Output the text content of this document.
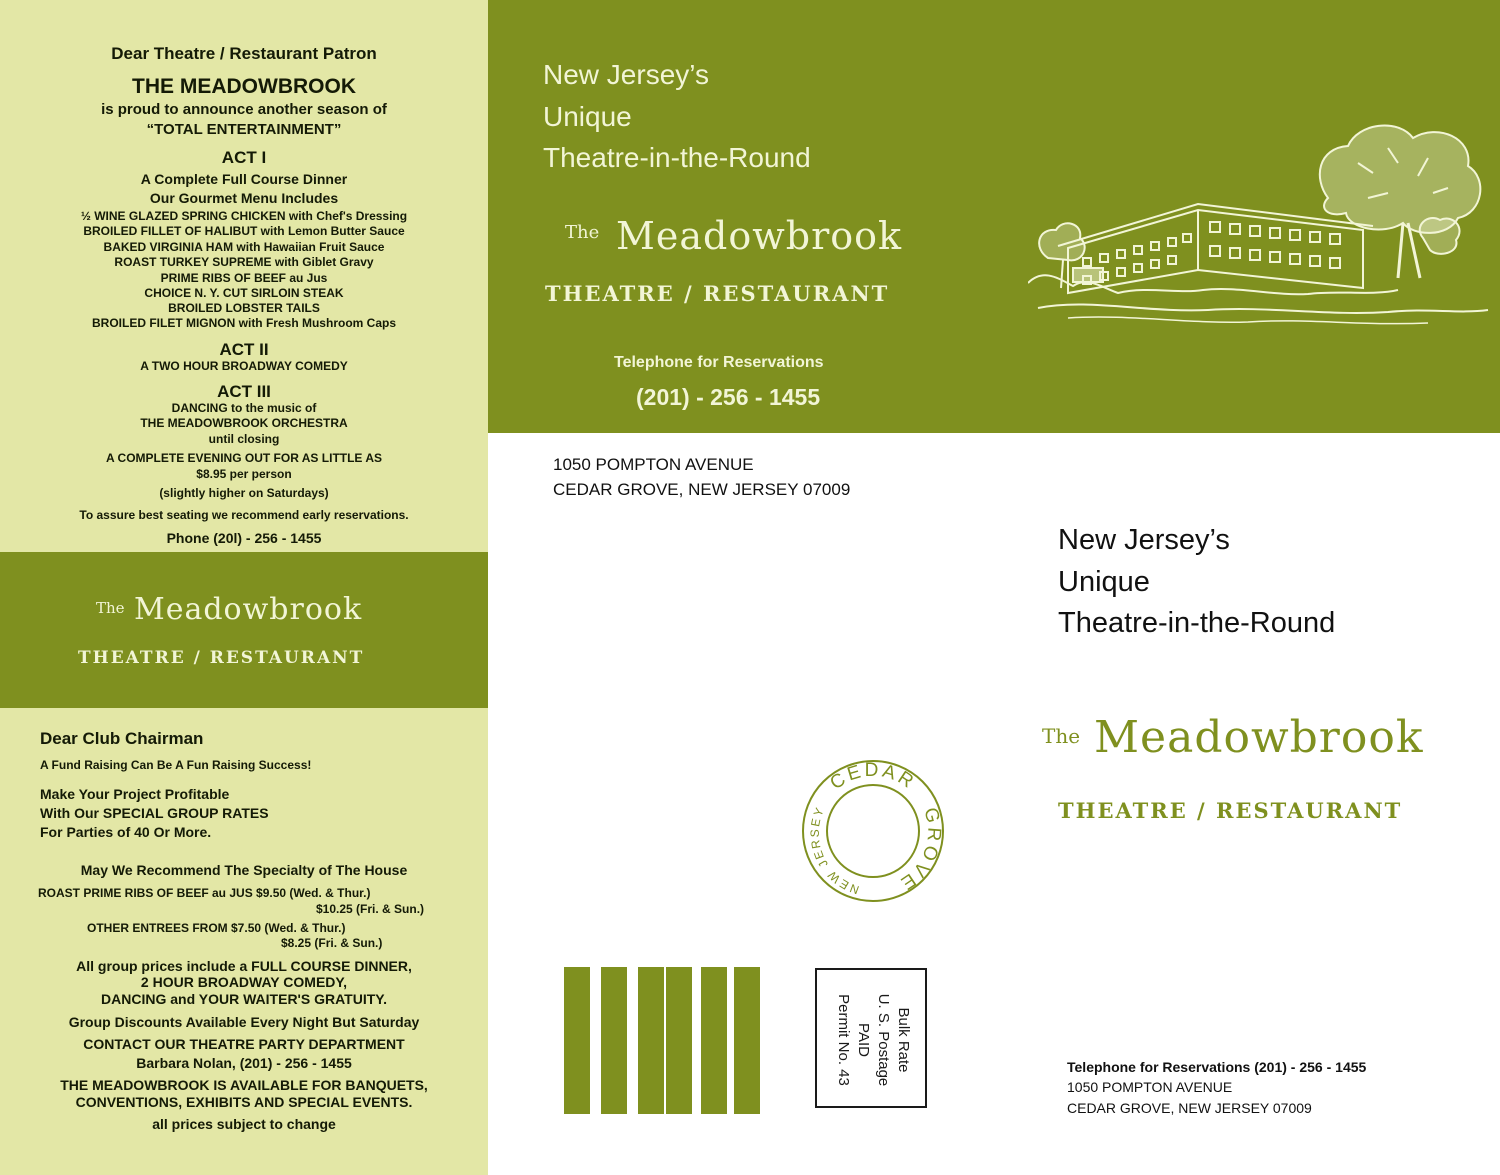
Dear Theatre / Restaurant Patron

THE MEADOWBROOK

is proud to announce another season of

“TOTAL ENTERTAINMENT”

ACT I

A Complete Full Course Dinner

Our Gourmet Menu Includes

½ WINE GLAZED SPRING CHICKEN with Chef's Dressing

BROILED FILLET OF HALIBUT with Lemon Butter Sauce

BAKED VIRGINIA HAM with Hawaiian Fruit Sauce

ROAST TURKEY SUPREME with Giblet Gravy

PRIME RIBS OF BEEF au Jus

CHOICE N. Y. CUT SIRLOIN STEAK

BROILED LOBSTER TAILS

BROILED FILET MIGNON with Fresh Mushroom Caps

ACT II

A TWO HOUR BROADWAY COMEDY

ACT III

DANCING to the music of

THE MEADOWBROOK ORCHESTRA

until closing

A COMPLETE EVENING OUT FOR AS LITTLE AS

$8.95 per person

(slightly higher on Saturdays)

To assure best seating we recommend early reservations.

Phone (20l) - 256 - 1455

The Meadowbrook
THEATRE / RESTAURANT

Dear Club Chairman

A Fund Raising Can Be A Fun Raising Success!

Make Your Project Profitable

With Our SPECIAL GROUP RATES

For Parties of 40 Or More.

May We Recommend The Specialty of The House

ROAST PRIME RIBS OF BEEF au JUS $9.50 (Wed. & Thur.)

$10.25 (Fri. & Sun.)

OTHER ENTREES FROM $7.50 (Wed. & Thur.)

$8.25 (Fri. & Sun.)

All group prices include a FULL COURSE DINNER,

2 HOUR BROADWAY COMEDY,

DANCING and YOUR WAITER'S GRATUITY.

Group Discounts Available Every Night But Saturday

CONTACT OUR THEATRE PARTY DEPARTMENT

Barbara Nolan, (201) - 256 - 1455

THE MEADOWBROOK IS AVAILABLE FOR BANQUETS,

CONVENTIONS, EXHIBITS AND SPECIAL EVENTS.

all prices subject to change

New Jersey’s

Unique

Theatre-in-the-Round

The Meadowbrook
THEATRE / RESTAURANT

Telephone for Reservations

(201) - 256 - 1455

1050 POMPTON AVENUE

CEDAR GROVE, NEW JERSEY 07009

New Jersey’s

Unique

Theatre-in-the-Round

The Meadowbrook
THEATRE / RESTAURANT
CEDAR
GROVE
NEW JERSEY
Bulk Rate
U. S. Postage
PAID
Permit No. 43	Telephone for Reservations (201) - 256 - 1455

1050 POMPTON AVENUE

CEDAR GROVE, NEW JERSEY 07009
